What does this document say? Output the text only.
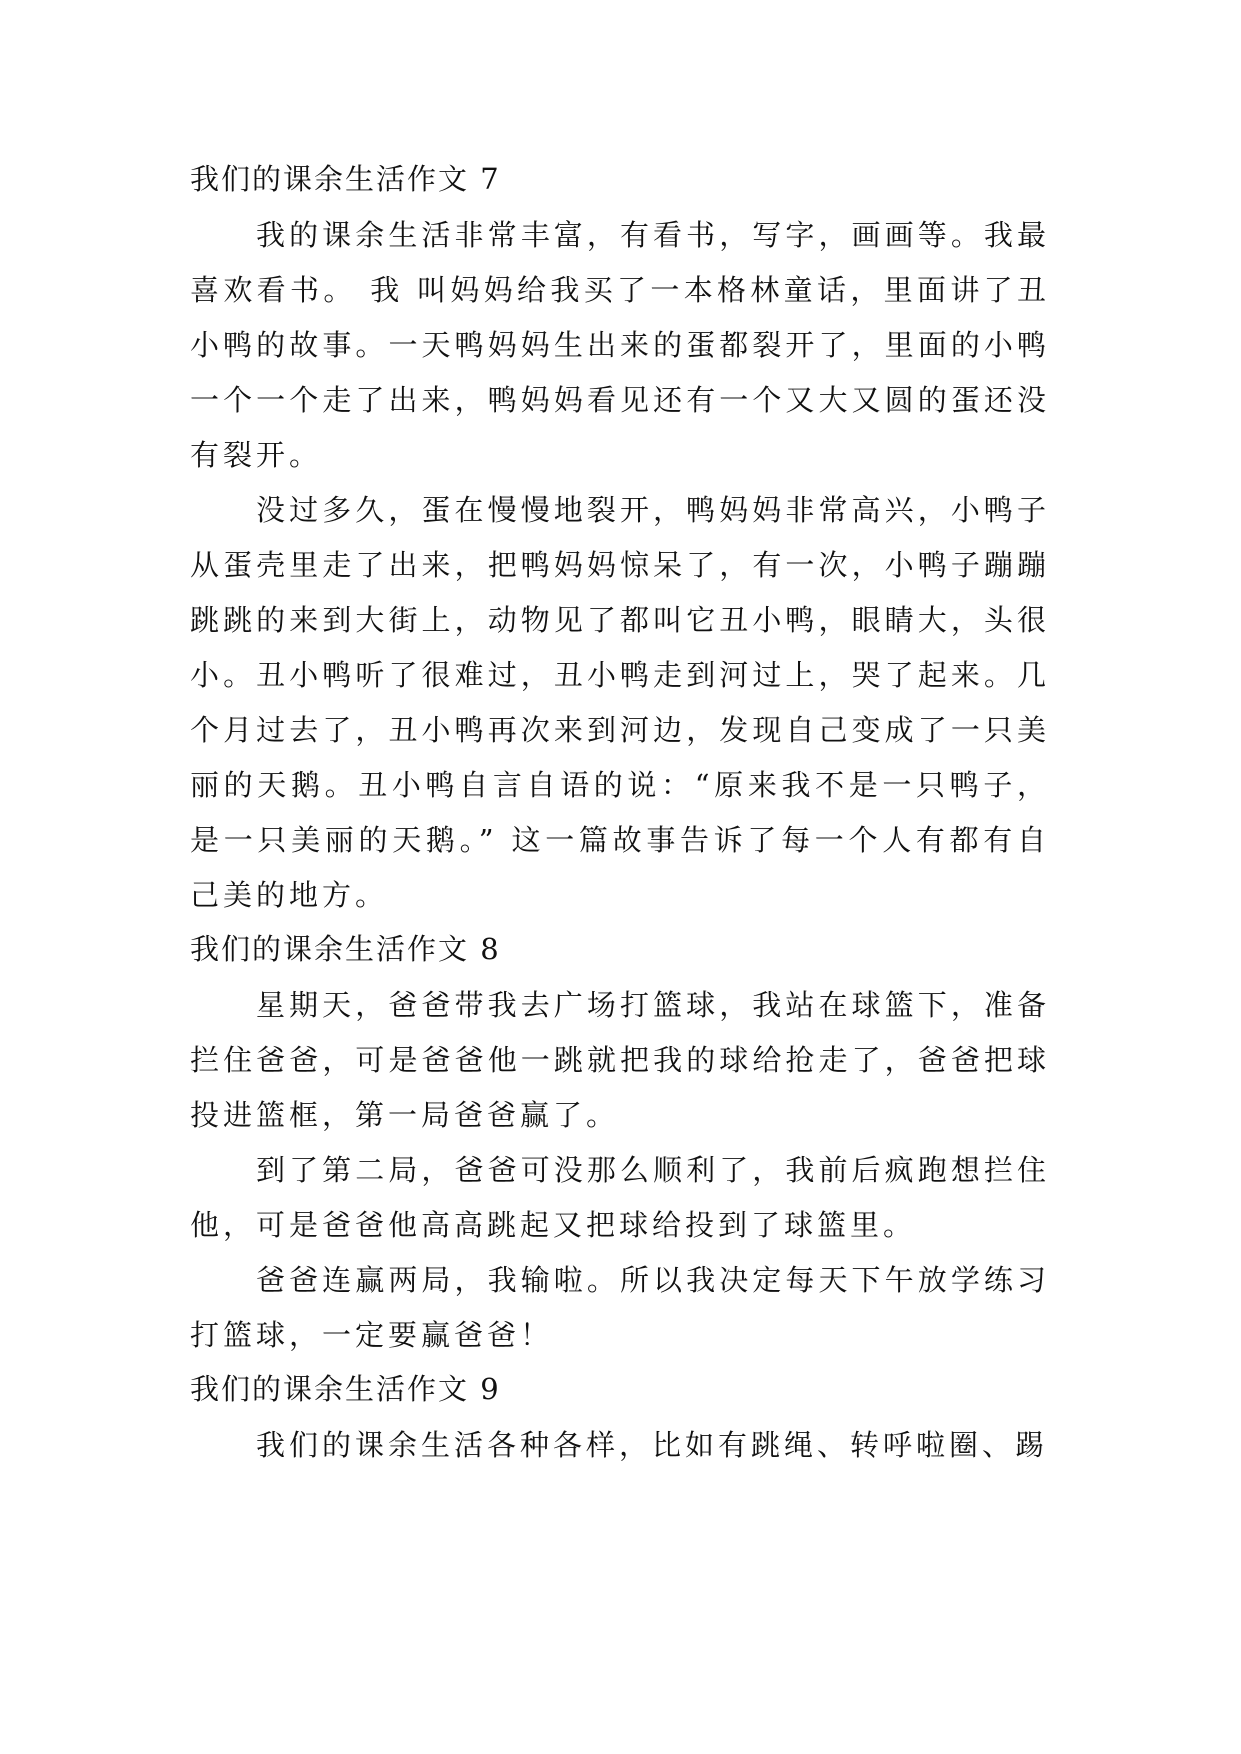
我们的课余生活作文 7

我的课余生活非常丰富，有看书，写字，画画等。我最喜欢看书。 我 叫妈妈给我买了一本格林童话，里面讲了丑小鸭的故事。一天鸭妈妈生出来的蛋都裂开了，里面的小鸭一个一个走了出来，鸭妈妈看见还有一个又大又圆的蛋还没有裂开。

没过多久，蛋在慢慢地裂开，鸭妈妈非常高兴，小鸭子从蛋壳里走了出来，把鸭妈妈惊呆了，有一次，小鸭子蹦蹦跳跳的来到大街上，动物见了都叫它丑小鸭，眼睛大，头很小。丑小鸭听了很难过，丑小鸭走到河过上，哭了起来。几个月过去了，丑小鸭再次来到河边，发现自己变成了一只美丽的天鹅。丑小鸭自言自语的说：“原来我不是一只鸭子，是一只美丽的天鹅。” 这一篇故事告诉了每一个人有都有自己美的地方。

我们的课余生活作文 8

星期天，爸爸带我去广场打篮球，我站在球篮下，准备拦住爸爸，可是爸爸他一跳就把我的球给抢走了，爸爸把球投进篮框，第一局爸爸赢了。

到了第二局，爸爸可没那么顺利了，我前后疯跑想拦住他，可是爸爸他高高跳起又把球给投到了球篮里。

爸爸连赢两局，我输啦。所以我决定每天下午放学练习打篮球，一定要赢爸爸！

我们的课余生活作文 9

我们的课余生活各种各样，比如有跳绳、转呼啦圈、踢
